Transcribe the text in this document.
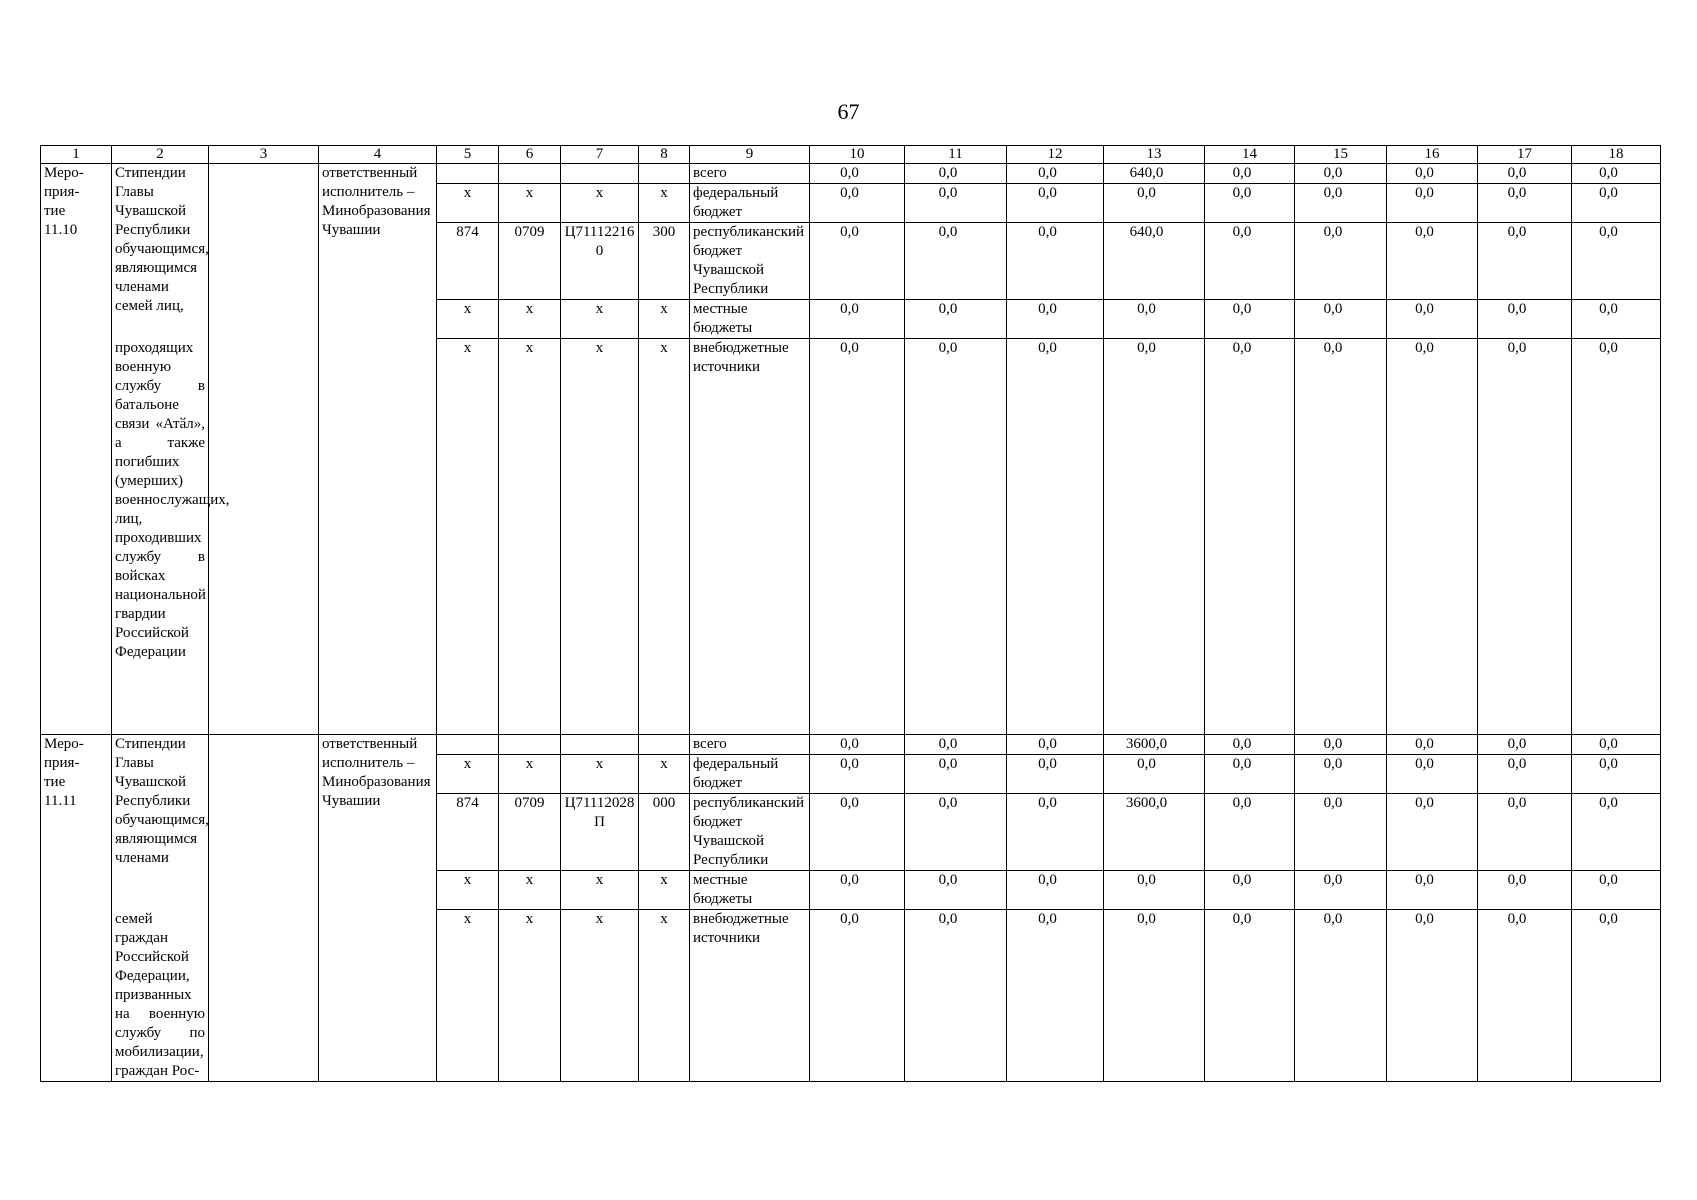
67
1	2	3	4	5	6	7	8	9	10	11	12	13	14	15	16	17	18

Меро-
прия-
тие
11.10	Стипендии Главы Чувашской Республики обучающимся, являющимся членами семей лиц,		ответственный исполнитель – Минобразования Чувашии					всего	0,0	0,0	0,0	640,0	0,0	0,0	0,0	0,0	0,0
				x	x	x	x	федеральный бюджет	0,0	0,0	0,0	0,0	0,0	0,0	0,0	0,0	0,0
				874	0709	Ц711122160	300	республиканский бюджет Чувашской Республики	0,0	0,0	0,0	640,0	0,0	0,0	0,0	0,0	0,0
				x	x	x	x	местные бюджеты	0,0	0,0	0,0	0,0	0,0	0,0	0,0	0,0	0,0
	проходящих военную службу в батальоне связи «Атӑл», а также погибших (умерших) военнослужащих, лиц, проходивших службу в войсках национальной гвардии Российской Федерации			x	x	x	x	внебюджетные источники	0,0	0,0	0,0	0,0	0,0	0,0	0,0	0,0	0,0

Меро-
прия-
тие
11.11	Стипендии Главы Чувашской Республики обучающимся, являющимся членами		ответственный исполнитель – Минобразования Чувашии					всего	0,0	0,0	0,0	3600,0	0,0	0,0	0,0	0,0	0,0
				x	x	x	x	федеральный бюджет	0,0	0,0	0,0	0,0	0,0	0,0	0,0	0,0	0,0
				874	0709	Ц71112028П	000	республиканский бюджет Чувашской Республики	0,0	0,0	0,0	3600,0	0,0	0,0	0,0	0,0	0,0
				x	x	x	x	местные бюджеты	0,0	0,0	0,0	0,0	0,0	0,0	0,0	0,0	0,0
	семей граждан Российской Федерации, призванных на военную службу по мобилизации, граждан Рос-			x	x	x	x	внебюджетные источники	0,0	0,0	0,0	0,0	0,0	0,0	0,0	0,0	0,0
